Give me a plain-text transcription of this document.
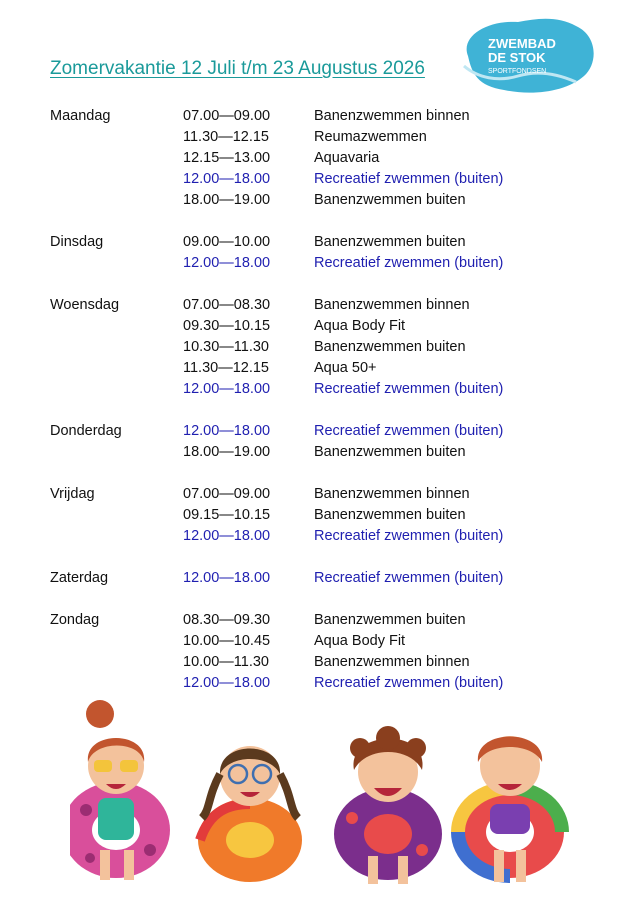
Zomervakantie 12 Juli t/m 23 Augustus 2026
ZWEMBAD
DE STOK
SPORTFONDSEN
Maandag	07.00—09.00	Banenzwemmen binnen
11.30—12.15	Reumazwemmen
12.15—13.00	Aquavaria
12.00—18.00	Recreatief zwemmen (buiten)
18.00—19.00	Banenzwemmen buiten
Dinsdag	09.00—10.00	Banenzwemmen buiten
12.00—18.00	Recreatief zwemmen (buiten)
Woensdag	07.00—08.30	Banenzwemmen binnen
09.30—10.15	Aqua Body Fit
10.30—11.30	Banenzwemmen buiten
11.30—12.15	Aqua 50+
12.00—18.00	Recreatief zwemmen (buiten)
Donderdag	12.00—18.00	Recreatief zwemmen (buiten)
18.00—19.00	Banenzwemmen buiten
Vrijdag	07.00—09.00	Banenzwemmen binnen
09.15—10.15	Banenzwemmen buiten
12.00—18.00	Recreatief zwemmen (buiten)
Zaterdag	12.00—18.00	Recreatief zwemmen (buiten)
Zondag	08.30—09.30	Banenzwemmen buiten
10.00—10.45	Aqua Body Fit
10.00—11.30	Banenzwemmen binnen
12.00—18.00	Recreatief zwemmen (buiten)
